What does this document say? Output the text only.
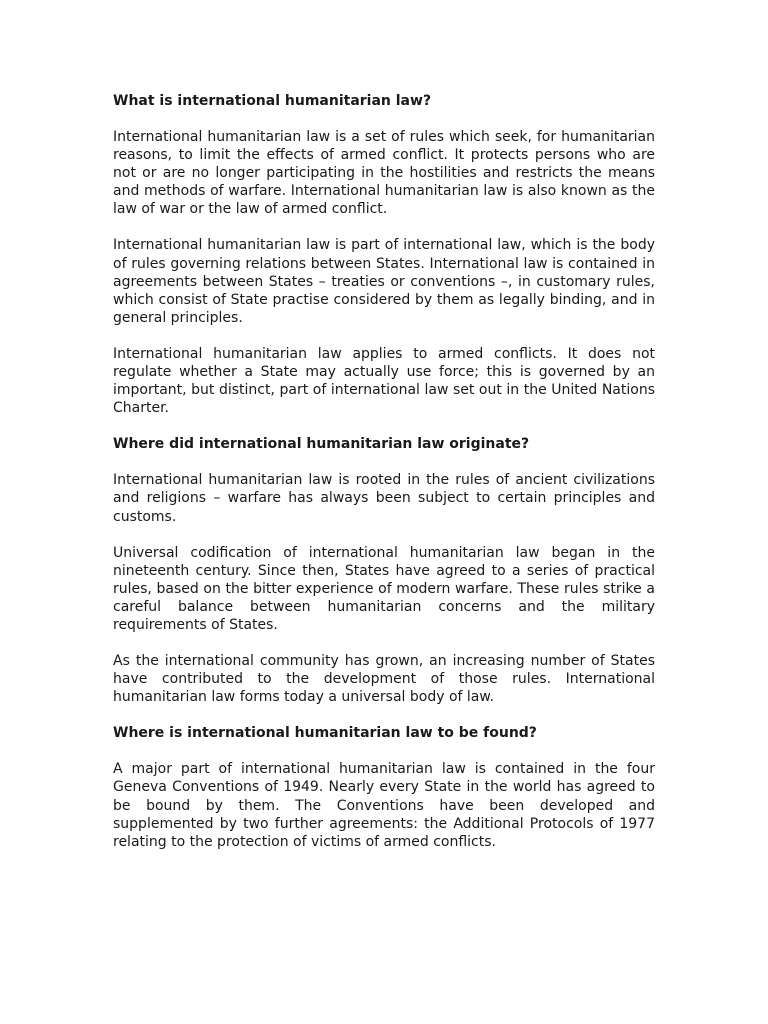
What is international humanitarian law?

International humanitarian law is a set of rules which seek, for humanitarian reasons, to limit the effects of armed conflict. It protects persons who are not or are no longer participating in the hostilities and restricts the means and methods of warfare. International humanitarian law is also known as the law of war or the law of armed conflict.

International humanitarian law is part of international law, which is the body of rules governing relations between States. International law is contained in agreements between States – treaties or conventions –, in customary rules, which consist of State practise considered by them as legally binding, and in general principles.

International humanitarian law applies to armed conflicts. It does not regulate whether a State may actually use force; this is governed by an important, but distinct, part of international law set out in the United Nations Charter.

Where did international humanitarian law originate?

International humanitarian law is rooted in the rules of ancient civilizations and religions – warfare has always been subject to certain principles and customs.

Universal codification of international humanitarian law began in the nineteenth century. Since then, States have agreed to a series of practical rules, based on the bitter experience of modern warfare. These rules strike a careful balance between humanitarian concerns and the military requirements of States.

As the international community has grown, an increasing number of States have contributed to the development of those rules. International humanitarian law forms today a universal body of law.

Where is international humanitarian law to be found?

A major part of international humanitarian law is contained in the four Geneva Conventions of 1949. Nearly every State in the world has agreed to be bound by them. The Conventions have been developed and supplemented by two further agreements: the Additional Protocols of 1977 relating to the protection of victims of armed conflicts.
